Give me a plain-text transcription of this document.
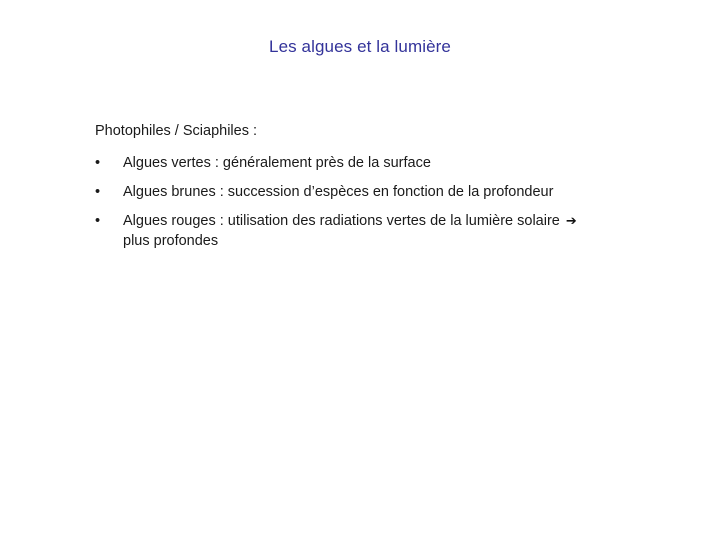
Les algues et la lumière

Photophiles / Sciaphiles :

•	Algues vertes : généralement près de la surface
•	Algues brunes : succession d’espèces en fonction de la profondeur
•	Algues rouges : utilisation des radiations vertes de la lumière solaire ➔
plus profondes
